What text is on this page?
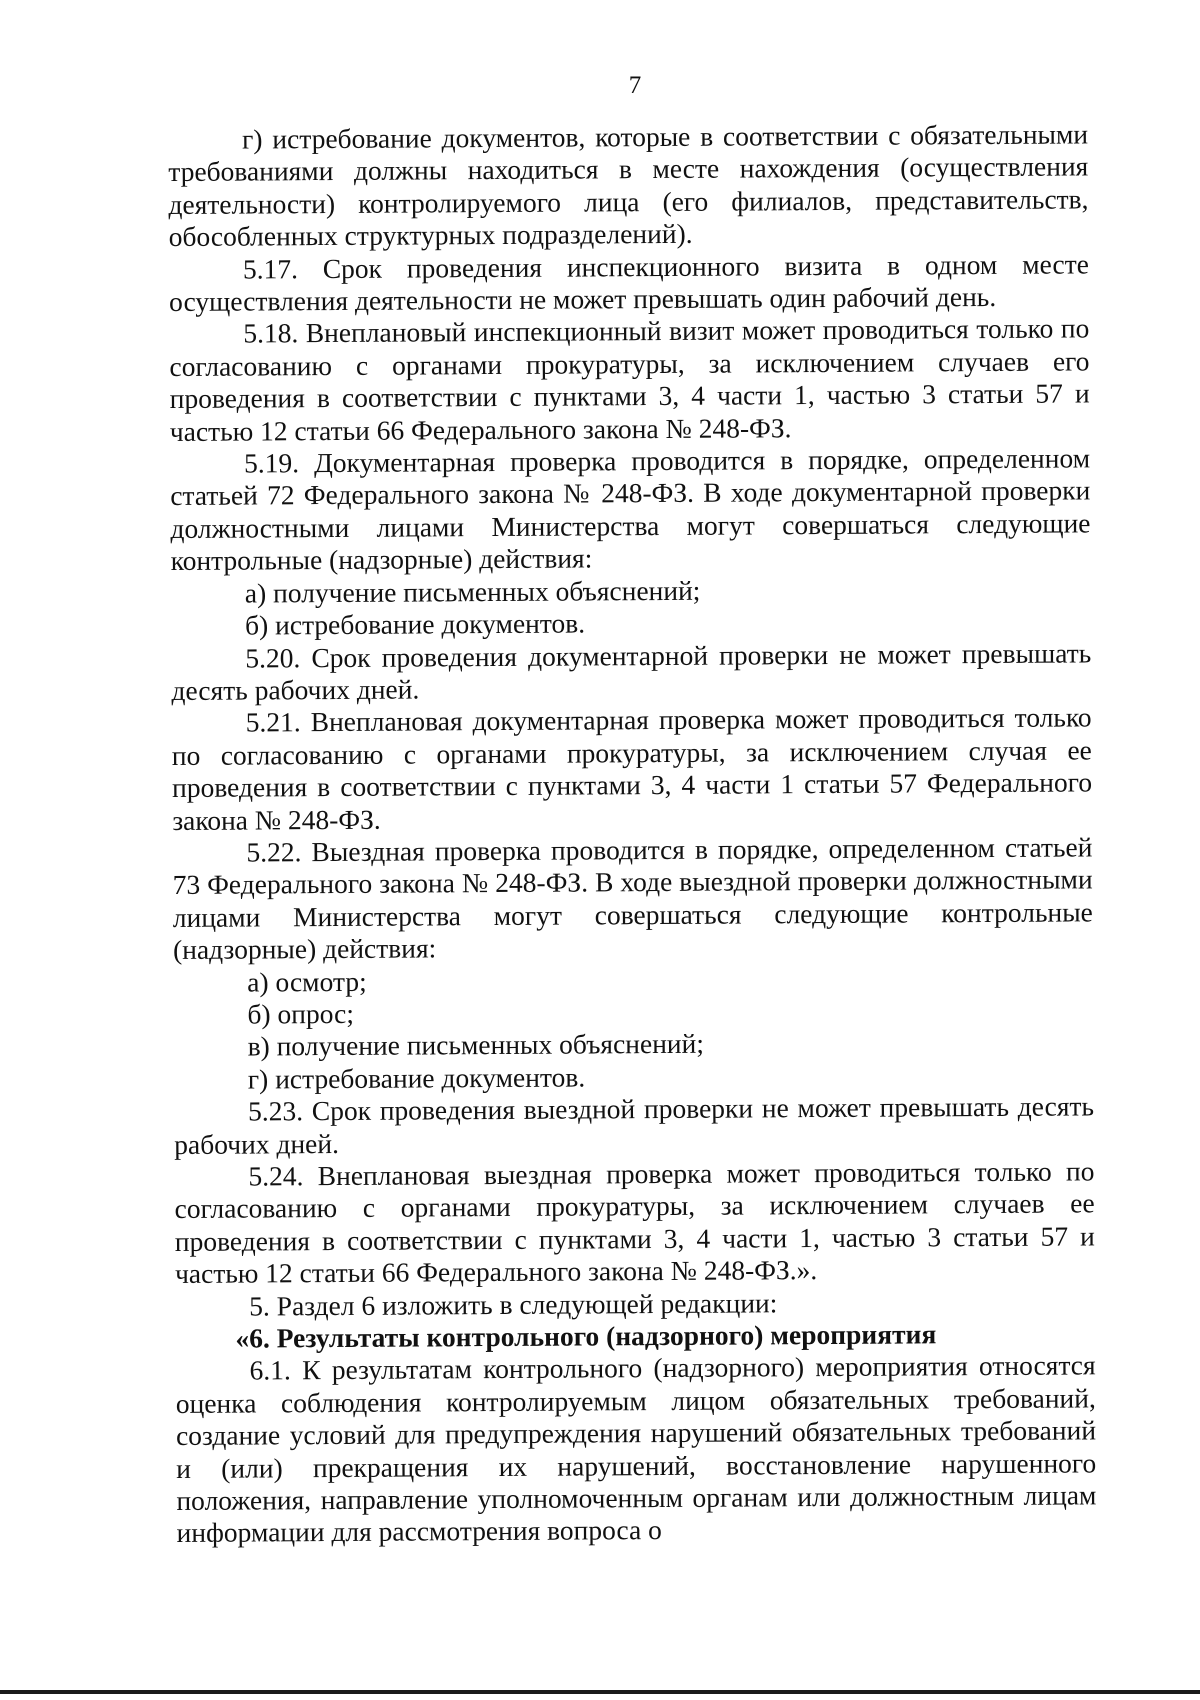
7

г) истребование документов, которые в соответствии с обязательными требованиями должны находиться в месте нахождения (осуществления деятельности) контролируемого лица (его филиалов, представительств, обособленных структурных подразделений).

5.17. Срок проведения инспекционного визита в одном месте осуществления деятельности не может превышать один рабочий день.

5.18. Внеплановый инспекционный визит может проводиться только по согласованию с органами прокуратуры, за исключением случаев его проведения в соответствии с пунктами 3, 4 части 1, частью 3 статьи 57 и частью 12 статьи 66 Федерального закона № 248-ФЗ.

5.19. Документарная проверка проводится в порядке, определенном статьей 72 Федерального закона № 248-ФЗ. В ходе документарной проверки должностными лицами Министерства могут совершаться следующие контрольные (надзорные) действия:

а) получение письменных объяснений;

б) истребование документов.

5.20. Срок проведения документарной проверки не может превышать десять рабочих дней.

5.21. Внеплановая документарная проверка может проводиться только по согласованию с органами прокуратуры, за исключением случая ее проведения в соответствии с пунктами 3, 4 части 1 статьи 57 Федерального закона № 248-ФЗ.

5.22. Выездная проверка проводится в порядке, определенном статьей 73 Федерального закона № 248-ФЗ. В ходе выездной проверки должностными лицами Министерства могут совершаться следующие контрольные (надзорные) действия:

а) осмотр;

б) опрос;

в) получение письменных объяснений;

г) истребование документов.

5.23. Срок проведения выездной проверки не может превышать десять рабочих дней.

5.24. Внеплановая выездная проверка может проводиться только по согласованию с органами прокуратуры, за исключением случаев ее проведения в соответствии с пунктами 3, 4 части 1, частью 3 статьи 57 и частью 12 статьи 66 Федерального закона № 248-ФЗ.».

5. Раздел 6 изложить в следующей редакции:

«6. Результаты контрольного (надзорного) мероприятия

6.1. К результатам контрольного (надзорного) мероприятия относятся оценка соблюдения контролируемым лицом обязательных требований, создание условий для предупреждения нарушений обязательных требований и (или) прекращения их нарушений, восстановление нарушенного положения, направление уполномоченным органам или должностным лицам информации для рассмотрения вопроса о
